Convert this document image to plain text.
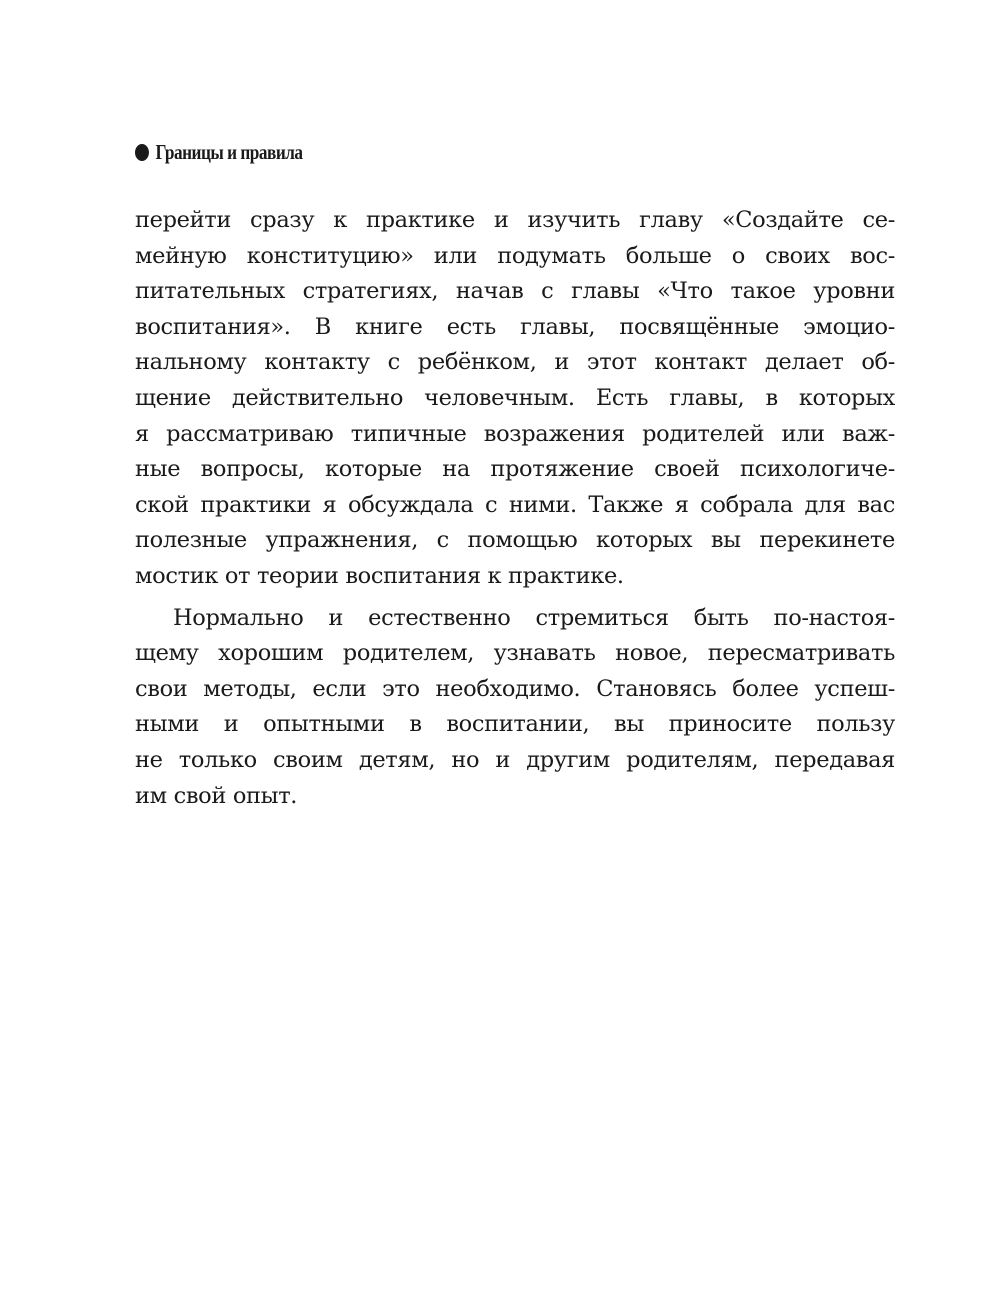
Границы и правила
перейти сразу к практике и изучить главу «Создайте се-
мейную конституцию» или подумать больше о своих вос-
питательных стратегиях, начав с главы «Что такое уровни
воспитания». В книге есть главы, посвящённые эмоцио-
нальному контакту с ребёнком, и этот контакт делает об-
щение действительно человечным. Есть главы, в которых
я рассматриваю типичные возражения родителей или важ-
ные вопросы, которые на протяжение своей психологиче-
ской практики я обсуждала с ними. Также я собрала для вас
полезные упражнения, с помощью которых вы перекинете
мостик от теории воспитания к практике.
Нормально и естественно стремиться быть по-настоя-
щему хорошим родителем, узнавать новое, пересматривать
свои методы, если это необходимо. Становясь более успеш-
ными и опытными в воспитании, вы приносите пользу
не только своим детям, но и другим родителям, передавая
им свой опыт.
